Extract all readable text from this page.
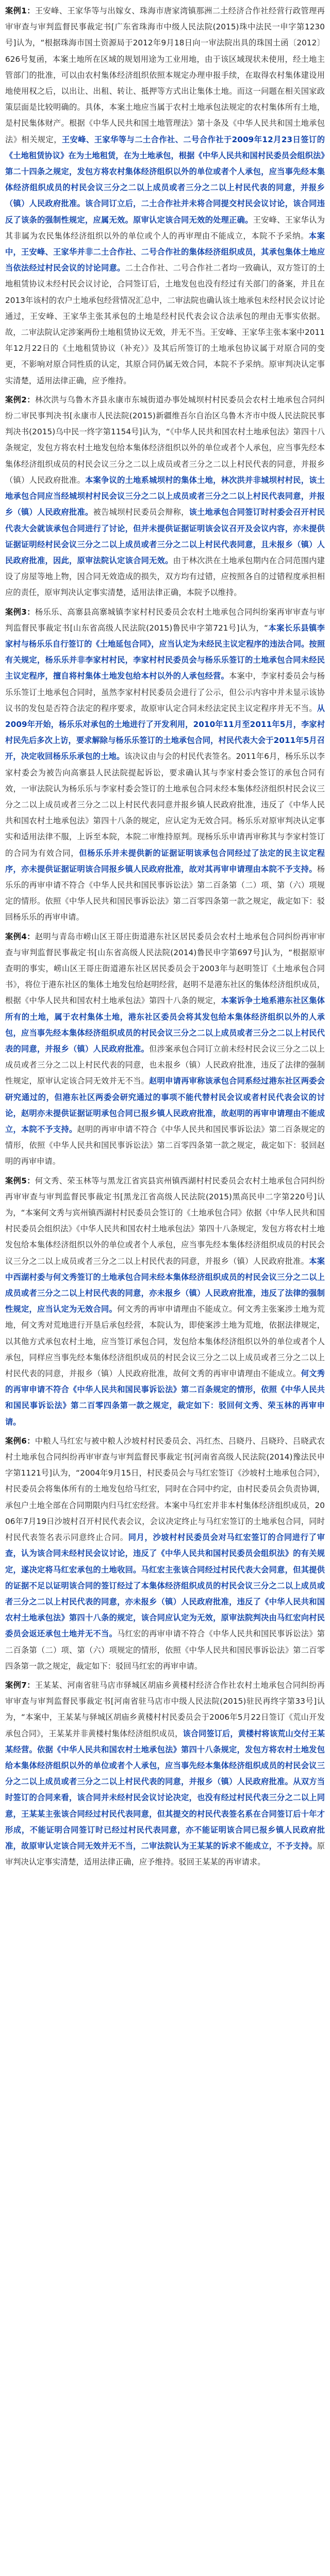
案例1：王安峰、王家华等与出嫁女、珠海市唐家湾镇那洲二土经济合作社经营行政管理再审审查与审判监督民事裁定书[广东省珠海市中级人民法院(2015)珠中法民一申字第1230号]认为，“根据珠海市国土资源局于2012年9月18日向一审法院出具的珠国土函〔2012〕626号复函，本案土地所在区域的规划用途为工业用地，由于该区域现状未使用，经土地主管部门的批准，可以由农村集体经济组织依照本规定办理申报手续，在取得农村集体建设用地使用权之后，以出让、出租、转让、抵押等方式出让集体土地。而这一问题在相关国家政策层面是比较明确的。具体，本案土地应当属于农村土地承包法规定的农村集体所有土地，是村民集体财产。根据《中华人民共和国土地管理法》第十条及《中华人民共和国土地承包法》相关规定，王安峰、王家华等与二土合作社、二号合作社于2009年12月23日签订的《土地租赁协议》在为土地租赁，在为土地承包，根据《中华人民共和国村民委员会组织法》第二十四条之规定，发包方将农村集体经济组织以外的单位或者个人承包，应当事先经本集体经济组织成员的村民会议三分之二以上成员或者三分之二以上村民代表的同意，并报乡（镇）人民政府批准。该合同订立后，二土合作社并未将合同提交村民会议讨论，该合同违反了该条的强制性规定，应属无效。原审认定该合同无效的处理正确。王安峰、王家华认为其非属为农民集体经济组织以外的单位或个人的再审理由不能成立，本院不予采纳。本案中，王安峰、王家华并非二土合作社、二号合作社的集体经济组织成员，其承包集体土地应当依法经过村民会议的讨论同意。二土合作社、二号合作社二者均一致确认，双方签订的土地租赁协议未经村民会议讨论，合同签订后，土地发包也没有经过有关部门的备案，并且在2013年该村的农户土地承包经营情况汇总中，二审法院也确认该土地承包未经村民会议讨论通过，王安峰、王家华主张其承包的土地是经村民代表会议合法承包的理由无事实依据。故，二审法院认定涉案两份土地租赁协议无效，并无不当。王安峰、王家华主张本案中2011年12月22日的《土地租赁协议（补充）》及其后所签订的土地承包协议属于对原合同的变更，不影响对原合同性质的认定，其原合同仍属无效合同，本院不予采纳。原审判决认定事实清楚，适用法律正确，应予维持。

案例2：林次洪与乌鲁木齐县永康市东城街道办事处城坝村村民委员会农村土地承包合同纠纷二审民事判决书[永康市人民法院(2015)新疆维吾尔自治区乌鲁木齐市中级人民法院民事判决书(2015)乌中民一终字第1154号]认为，“《中华人民共和国农村土地承包法》第四十八条规定，发包方将农村土地发包给本集体经济组织以外的单位或者个人承包，应当事先经本集体经济组织成员的村民会议三分之二以上成员或者三分之二以上村民代表的同意，并报乡（镇）人民政府批准。本案争议的土地系城坝村的集体土地，林次洪并非城坝村村民，该土地承包合同应当经城坝村村民会议三分之二以上成员或者三分之二以上村民代表同意，并报乡（镇）人民政府批准。被告城坝村民委员会辩称，该土地承包合同签订时村委会召开村民代表大会就该承包合同进行了讨论，但并未提供证据证明该会议召开及会议内容，亦未提供证据证明经村民会议三分之二以上成员或者三分之二以上村民代表同意，且未报乡（镇）人民政府批准，因此，原审法院认定该合同无效。由于林次洪在土地承包期内在合同范围内建设了房屋等地上物，因合同无效造成的损失，双方均有过错，应按照各自的过错程度承担相应的责任，原审判决认定事实清楚，适用法律正确，本院予以维持。

案例3：杨乐乐、高寨县高寨城镇李家村村民委员会农村土地承包合同纠纷案再审审查与审判监督民事裁定书[山东省高级人民法院(2015)鲁民申字第721号]认为，“本案长乐县镇李家村与杨乐乐自行签订的《土地延包合同》，应当认定为未经民主议定程序的违法合同。按照有关规定，杨乐乐并非李家村村民，李家村村民委员会与杨乐乐签订的土地承包合同未经民主议定程序，擅自将村集体土地发包给本村以外的人承包经营。本案中，李家村委员会与杨乐乐签订土地承包合同时，虽然李家村村民委员会进行了公示，但公示内容中并未显示该协议书的发包是否符合法定的程序要求，故原审认定合同未经法定民主议定程序并无不当。从2009年开始，杨乐乐对承包的土地进行了开发利用，2010年11月至2011年5月，李家村村民先后多次上访，要求解除与杨乐乐签订的土地承包合同，村民代表大会于2011年5月召开，决定收回杨乐乐承包的土地。该决议由与会的村民代表签名。2011年6月，杨乐乐以李家村委会为被告向高寨县人民法院提起诉讼，要求确认其与李家村委会签订的承包合同有效，一审法院认为杨乐乐与李家村委会签订的土地承包合同未经本集体经济组织村民会议三分之二以上成员或者三分之二以上村民代表同意并报乡镇人民政府批准，违反了《中华人民共和国农村土地承包法》第四十八条的规定，应认定为无效合同。杨乐乐对原审判决认定事实和适用法律不服，上诉至本院，本院二审维持原判。现杨乐乐申请再审称其与李家村签订的合同为有效合同，但杨乐乐并未提供新的证据证明该承包合同经过了法定的民主议定程序，亦未提供证据证明该合同报乡镇人民政府批准，故对其再审申请理由本院不予支持。杨乐乐的再审申请不符合《中华人民共和国民事诉讼法》第二百条第（二）项、第（六）项规定的情形。依照《中华人民共和国民事诉讼法》第二百零四条第一款之规定，裁定如下：驳回杨乐乐的再审申请。

案例4：赵明与青岛市崂山区王哥庄街道港东社区居民委员会农村土地承包合同纠纷再审审查与审判监督民事裁定书[山东省高级人民法院(2014)鲁民申字第697号]认为，“根据原审查明的事实，崂山区王哥庄街道港东社区居民委员会于2003年与赵明签订《土地承包合同书》，将位于港东社区的集体土地发包给赵明经营，赵明不是港东社区的集体经济组织成员，根据《中华人民共和国农村土地承包法》第四十八条的规定，本案诉争土地系港东社区集体所有的土地，属于农村集体土地，港东社区委员会将其发包给本集体经济组织以外的人承包，应当事先经本集体经济组织成员的村民会议三分之二以上成员或者三分之二以上村民代表的同意，并报乡（镇）人民政府批准。但涉案承包合同订立前未经村民会议三分之二以上成员或者三分之二以上村民代表的同意，也未报乡（镇）人民政府批准，违反了法律的强制性规定，原审认定该合同无效并无不当。赵明申请再审称该承包合同系经过港东社区两委会研究通过的，但港东社区两委会研究通过的事项不能代替村民会议或者村民代表会议的讨论，赵明亦未提供证据证明承包合同已报乡镇人民政府批准，故赵明的再审申请理由不能成立，本院不予支持。赵明的再审申请不符合《中华人民共和国民事诉讼法》第二百条规定的情形，依照《中华人民共和国民事诉讼法》第二百零四条第一款之规定，裁定如下：驳回赵明的再审申请。

案例5：何文秀、荣玉林等与黑龙江省宾县宾州镇西湖村村民委员会农村土地承包合同纠纷再审审查与审判监督民事裁定书[黑龙江省高级人民法院(2015)黑高民申二字第220号]认为，“本案何文秀与宾州镇西湖村村民委员会签订的《土地承包合同》依据《中华人民共和国村民委员会组织法》《中华人民共和国农村土地承包法》第四十八条规定，发包方将农村土地发包给本集体经济组织以外的单位或者个人承包，应当事先经本集体经济组织成员的村民会议三分之二以上成员或者三分之二以上村民代表的同意，并报乡（镇）人民政府批准。本案中西湖村委与何文秀签订的土地承包合同未经本集体经济组织成员的村民会议三分之二以上成员或者三分之二以上村民代表的同意，亦未报乡（镇）人民政府批准，违反了法律的强制性规定，应当认定为无效合同。何文秀的再审申请理由不能成立。何文秀主张案涉土地为荒地，何文秀对荒地进行开垦后承包经营，本院认为，即使案涉土地为荒地，依据法律规定，以其他方式承包农村土地，应当签订承包合同，发包给本集体经济组织以外的单位或者个人承包，同样应当事先经本集体经济组织成员的村民会议三分之二以上成员或者三分之二以上村民代表的同意，并报乡（镇）人民政府批准，故何文秀的再审申请理由不能成立。何文秀的再审申请不符合《中华人民共和国民事诉讼法》第二百条规定的情形，依照《中华人民共和国民事诉讼法》第二百零四条第一款之规定，裁定如下：驳回何文秀、荣玉林的再审申请。

案例6：中粮人马红宏与被中粮人沙坡村村民委员会、冯红杰、吕晓丹、吕晓玲、吕晓武农村土地承包合同纠纷再审审查与审判监督民事裁定书[河南省高级人民法院(2014)豫法民申字第1121号]认为，“2004年9月15日，村民委员会与马红宏签订《沙坡村土地承包合同》，村民委员会将集体所有的土地发包给马红宏，同时在合同中约定，由村民委员会负责协调，承包户土地全部在合同期限内归马红宏经营。本案中马红宏并非本村集体经济组织成员，2006年7月19日沙坡村召开村民代表会议，会议决定终止与马红宏签订的土地承包合同，同时村民代表签名表示同意终止合同。同月，沙坡村村民委员会对马红宏签订的合同进行了审查，认为该合同未经村民会议讨论，违反了《中华人民共和国村民委员会组织法》的有关规定，遂决定将马红宏承包的土地收回。马红宏主张该合同经过村民代表大会同意，但其提供的证据不足以证明该合同的签订经过了本集体经济组织成员的村民会议三分之二以上成员或者三分之二以上村民代表的同意，亦未报乡（镇）人民政府批准，违反了《中华人民共和国农村土地承包法》第四十八条的规定，该合同应认定为无效，原审法院判决由马红宏向村民委员会返还承包土地并无不当。马红宏的再审申请不符合《中华人民共和国民事诉讼法》第二百条第（二）项、第（六）项规定的情形，依照《中华人民共和国民事诉讼法》第二百零四条第一款之规定，裁定如下：驳回马红宏的再审申请。

案例7：王某某、河南省驻马店市驿城区胡庙乡黄楼村经济合作社农村土地承包合同纠纷再审审查与审判监督民事裁定书[河南省驻马店市中级人民法院(2015)驻民再终字第33号]认为，“本案中，王某某与驿城区胡庙乡黄楼村村民委员会于2006年5月22日签订《荒山开发承包合同》，王某某并非黄楼村集体经济组织成员，该合同签订后，黄楼村将该荒山交付王某某经营。依据《中华人民共和国农村土地承包法》第四十八条规定，发包方将农村土地发包给本集体经济组织以外的单位或者个人承包，应当事先经本集体经济组织成员的村民会议三分之二以上成员或者三分之二以上村民代表的同意，并报乡（镇）人民政府批准。从双方当时签订的合同来看，该合同并未经村民会议讨论决定，也没有经过村民代表三分之二以上同意，王某某主张该合同经过村民代表同意，但其提交的村民代表签名系在合同签订后十年才形成，不能证明合同签订时已经过村民代表同意，亦不能证明该合同已报乡镇人民政府批准，故原审认定该合同无效并无不当，二审法院认为王某某的诉求不能成立，不予支持。原审判决认定事实清楚，适用法律正确，应予维持。驳回王某某的再审请求。
